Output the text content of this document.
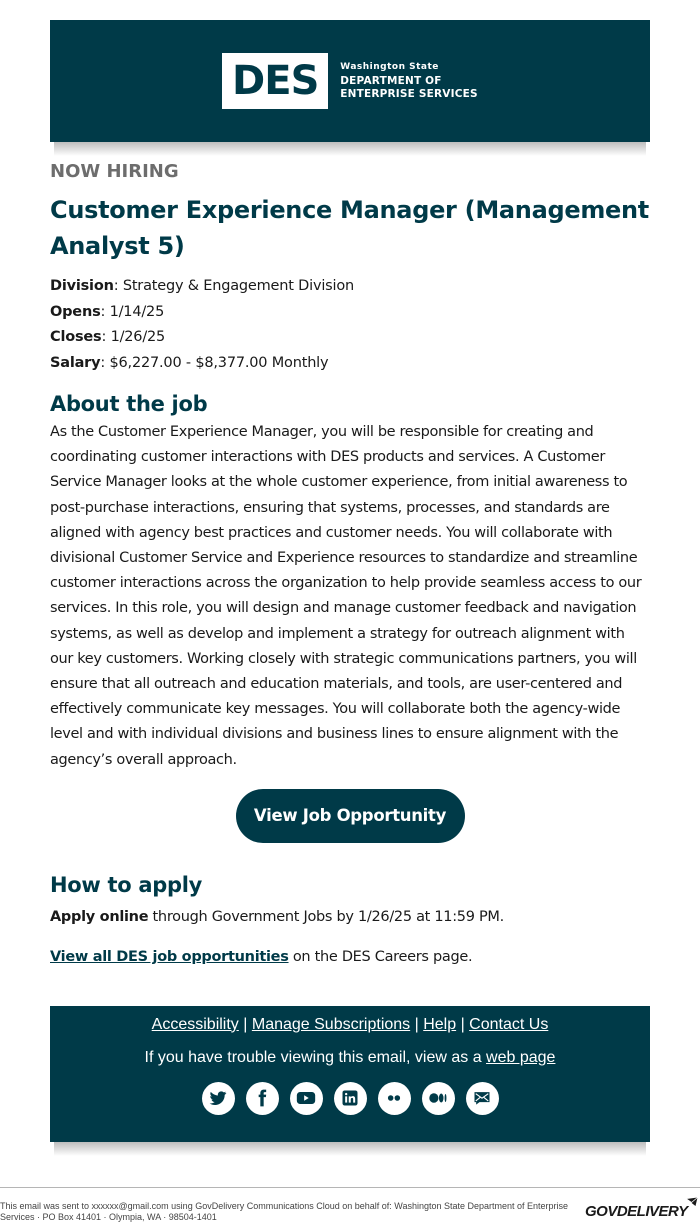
DES Washington State
DEPARTMENT OF
ENTERPRISE SERVICES
NOW HIRING
Customer Experience Manager (Management Analyst 5)
Division: Strategy & Engagement Division
Opens: 1/14/25
Closes: 1/26/25
Salary: $6,227.00 - $8,377.00 Monthly
About the job

As the Customer Experience Manager, you will be responsible for creating and coordinating customer interactions with DES products and services. A Customer Service Manager looks at the whole customer experience, from initial awareness to post-purchase interactions, ensuring that systems, processes, and standards are aligned with agency best practices and customer needs. You will collaborate with divisional Customer Service and Experience resources to standardize and streamline customer interactions across the organization to help provide seamless access to our services. In this role, you will design and manage customer feedback and navigation systems, as well as develop and implement a strategy for outreach alignment with our key customers. Working closely with strategic communications partners, you will ensure that all outreach and education materials, and tools, are user-centered and effectively communicate key messages. You will collaborate both the agency-wide level and with individual divisions and business lines to ensure alignment with the agency’s overall approach.

View Job Opportunity
How to apply

Apply online through Government Jobs by 1/26/25 at 11:59 PM.

View all DES job opportunities on the DES Careers page.

Accessibility | Manage Subscriptions | Help | Contact Us
If you have trouble viewing this email, view as a web page
This email was sent to xxxxxx@gmail.com using GovDelivery Communications Cloud on behalf of: Washington State Department of Enterprise Services · PO Box 41401 · Olympia, WA · 98504-1401	GOVDELIVERY
